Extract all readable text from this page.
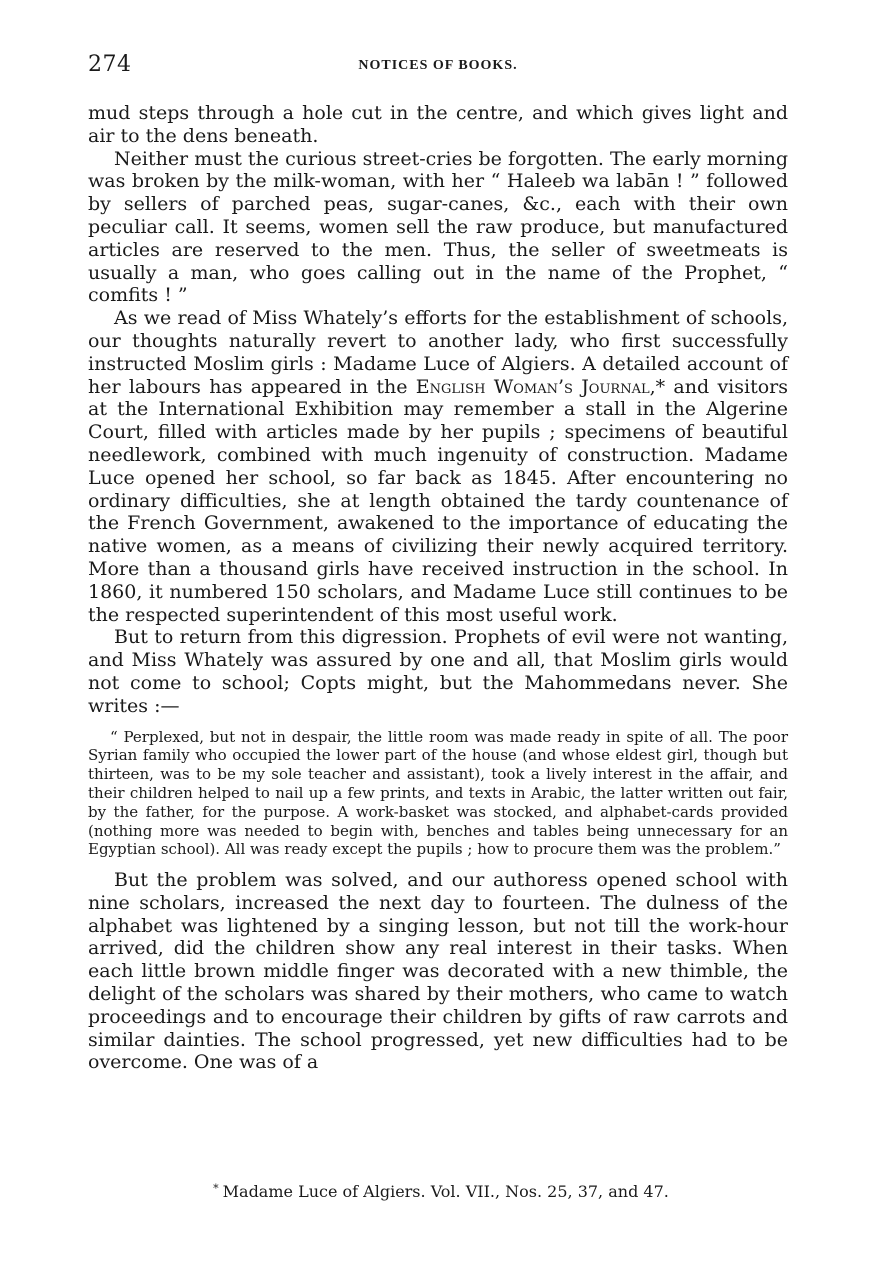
274	NOTICES OF BOOKS.

mud steps through a hole cut in the centre, and which gives light and air to the dens beneath.

Neither must the curious street-cries be forgotten. The early morning was broken by the milk-woman, with her “ Haleeb wa labān ! ” followed by sellers of parched peas, sugar-canes, &c., each with their own peculiar call. It seems, women sell the raw produce, but manufactured articles are reserved to the men. Thus, the seller of sweetmeats is usually a man, who goes calling out in the name of the Prophet, “ comfits ! ”

As we read of Miss Whately’s efforts for the establishment of schools, our thoughts naturally revert to another lady, who first successfully instructed Moslim girls : Madame Luce of Algiers. A detailed account of her labours has appeared in the English Woman’s Journal,* and visitors at the International Exhibition may remember a stall in the Algerine Court, filled with articles made by her pupils ; specimens of beautiful needlework, combined with much ingenuity of construction. Madame Luce opened her school, so far back as 1845. After encountering no ordinary difficulties, she at length obtained the tardy countenance of the French Government, awakened to the importance of educating the native women, as a means of civilizing their newly acquired territory. More than a thousand girls have received instruction in the school. In 1860, it numbered 150 scholars, and Madame Luce still continues to be the respected superintendent of this most useful work.

But to return from this digression. Prophets of evil were not wanting, and Miss Whately was assured by one and all, that Moslim girls would not come to school; Copts might, but the Mahommedans never. She writes :—

“ Perplexed, but not in despair, the little room was made ready in spite of all. The poor Syrian family who occupied the lower part of the house (and whose eldest girl, though but thirteen, was to be my sole teacher and assistant), took a lively interest in the affair, and their children helped to nail up a few prints, and texts in Arabic, the latter written out fair, by the father, for the purpose. A work-basket was stocked, and alphabet-cards provided (nothing more was needed to begin with, benches and tables being unnecessary for an Egyptian school). All was ready except the pupils ; how to procure them was the problem.”

But the problem was solved, and our authoress opened school with nine scholars, increased the next day to fourteen. The dulness of the alphabet was lightened by a singing lesson, but not till the work-hour arrived, did the children show any real interest in their tasks. When each little brown middle finger was decorated with a new thimble, the delight of the scholars was shared by their mothers, who came to watch proceedings and to encourage their children by gifts of raw carrots and similar dainties. The school progressed, yet new difficulties had to be overcome. One was of a

* Madame Luce of Algiers. Vol. VII., Nos. 25, 37, and 47.
